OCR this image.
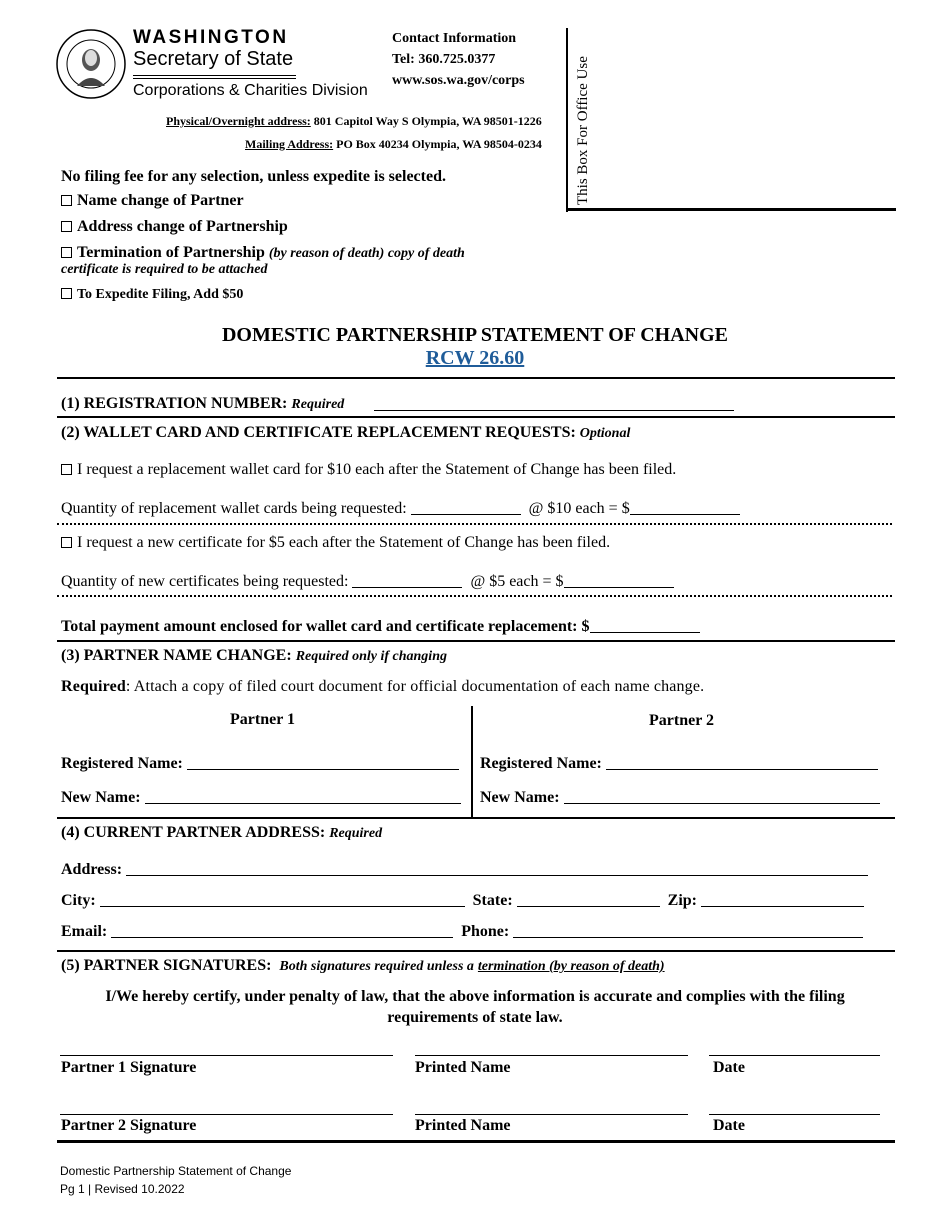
WASHINGTON
Secretary of State
Corporations & Charities Division
Contact Information
Tel: 360.725.0377
www.sos.wa.gov/corps
Physical/Overnight address: 801 Capitol Way S Olympia, WA 98501-1226
Mailing Address: PO Box 40234 Olympia, WA 98504-0234 This Box For Office Use
No filing fee for any selection, unless expedite is selected.
Name change of Partner
Address change of Partnership
Termination of Partnership (by reason of death) copy of death
certificate is required to be attached
To Expedite Filing, Add $50
DOMESTIC PARTNERSHIP STATEMENT OF CHANGE
RCW 26.60
(1) REGISTRATION NUMBER: Required
(2) WALLET CARD AND CERTIFICATE REPLACEMENT REQUESTS: Optional
I request a replacement wallet card for $10 each after the Statement of Change has been filed.
Quantity of replacement wallet cards being requested:	@ $10 each = $
I request a new certificate for $5 each after the Statement of Change has been filed.
Quantity of new certificates being requested:	@ $5 each = $
Total payment amount enclosed for wallet card and certificate replacement: $
(3) PARTNER NAME CHANGE: Required only if changing
Required: Attach a copy of filed court document for official documentation of each name change.
Partner 1	Partner 2
Registered Name:
New Name:
Registered Name:
New Name:
(4) CURRENT PARTNER ADDRESS: Required
Address:
City:	State:	Zip:
Email:	Phone:
(5) PARTNER SIGNATURES: Both signatures required unless a termination (by reason of death)
I/We hereby certify, under penalty of law, that the above information is accurate and complies with the filing requirements of state law.
Partner 1 Signature	Printed Name	Date
Partner 2 Signature	Printed Name	Date
Domestic Partnership Statement of Change
Pg 1 | Revised 10.2022
